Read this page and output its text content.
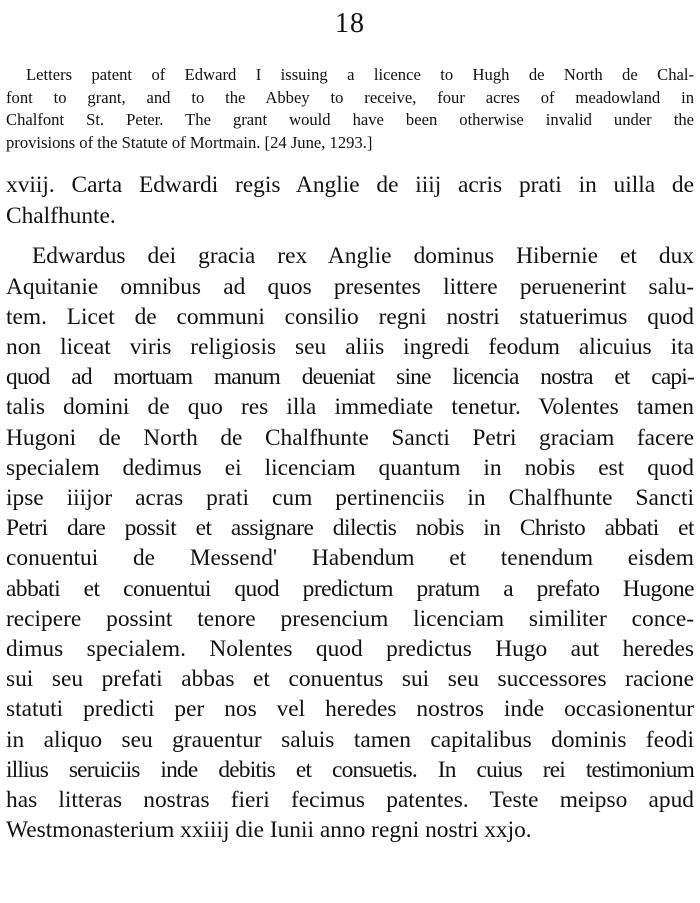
18
Letters patent of Edward I issuing a licence to Hugh de North de Chal-
font to grant, and to the Abbey to receive, four acres of meadowland in
Chalfont St. Peter. The grant would have been otherwise invalid under the
provisions of the Statute of Mortmain. [24 June, 1293.]
xviij. Carta Edwardi regis Anglie de iiij acris prati in uilla de
Chalfhunte.
Edwardus dei gracia rex Anglie dominus Hibernie et dux
Aquitanie omnibus ad quos presentes littere peruenerint salu-
tem. Licet de communi consilio regni nostri statuerimus quod
non liceat viris religiosis seu aliis ingredi feodum alicuius ita
quod ad mortuam manum deueniat sine licencia nostra et capi-
talis domini de quo res illa immediate tenetur. Volentes tamen
Hugoni de North de Chalfhunte Sancti Petri graciam facere
specialem dedimus ei licenciam quantum in nobis est quod
ipse iiijor acras prati cum pertinenciis in Chalfhunte Sancti
Petri dare possit et assignare dilectis nobis in Christo abbati et
conuentui de Messend' Habendum et tenendum eisdem
abbati et conuentui quod predictum pratum a prefato Hugone
recipere possint tenore presencium licenciam similiter conce-
dimus specialem. Nolentes quod predictus Hugo aut heredes
sui seu prefati abbas et conuentus sui seu successores racione
statuti predicti per nos vel heredes nostros inde occasionentur
in aliquo seu grauentur saluis tamen capitalibus dominis feodi
illius seruiciis inde debitis et consuetis. In cuius rei testimonium
has litteras nostras fieri fecimus patentes. Teste meipso apud
Westmonasterium xxiiij die Iunii anno regni nostri xxjo.
